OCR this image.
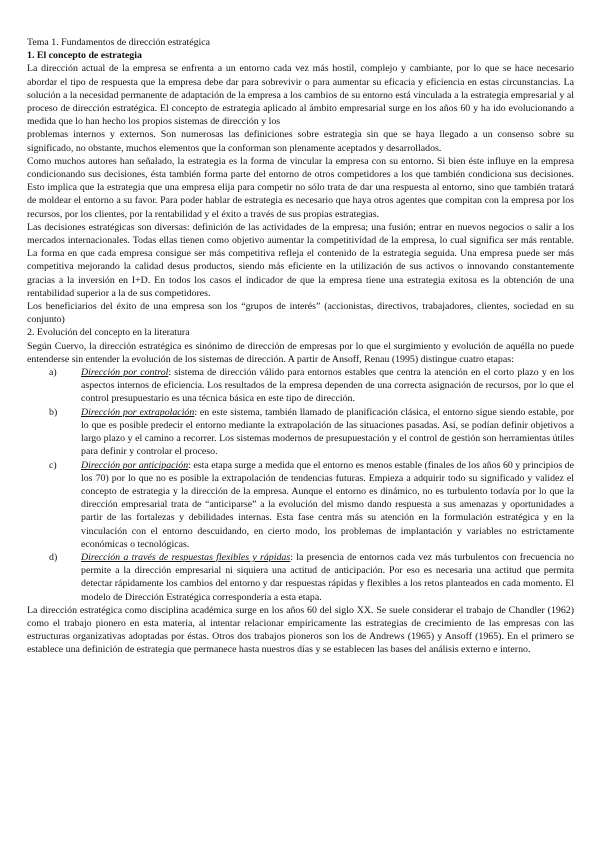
Tema 1. Fundamentos de dirección estratégica

1. El concepto de estrategia

La dirección actual de la empresa se enfrenta a un entorno cada vez más hostil, complejo y cambiante, por lo que se hace necesario abordar el tipo de respuesta que la empresa debe dar para sobrevivir o para aumentar su eficacia y eficiencia en estas circunstancias. La solución a la necesidad permanente de adaptación de la empresa a los cambios de su entorno está vinculada a la estrategia empresarial y al proceso de dirección estratégica. El concepto de estrategia aplicado al ámbito empresarial surge en los años 60 y ha ido evolucionando a medida que lo han hecho los propios sistemas de dirección y los

problemas internos y externos. Son numerosas las definiciones sobre estrategia sin que se haya llegado a un consenso sobre su significado, no obstante, muchos elementos que la conforman son plenamente aceptados y desarrollados.

Como muchos autores han señalado, la estrategia es la forma de vincular la empresa con su entorno. Si bien éste influye en la empresa condicionando sus decisiones, ésta también forma parte del entorno de otros competidores a los que también condiciona sus decisiones. Esto implica que la estrategia que una empresa elija para competir no sólo trata de dar una respuesta al entorno, sino que también tratará de moldear el entorno a su favor. Para poder hablar de estrategia es necesario que haya otros agentes que compitan con la empresa por los recursos, por los clientes, por la rentabilidad y el éxito a través de sus propias estrategias.

Las decisiones estratégicas son diversas: definición de las actividades de la empresa; una fusión; entrar en nuevos negocios o salir a los mercados internacionales. Todas ellas tienen como objetivo aumentar la competitividad de la empresa, lo cual significa ser más rentable. La forma en que cada empresa consigue ser más competitiva refleja el contenido de la estrategia seguida. Una empresa puede ser más competitiva mejorando la calidad desus productos, siendo más eficiente en la utilización de sus activos o innovando constantemente gracias a la inversión en I+D. En todos los casos el indicador de que la empresa tiene una estrategia exitosa es la obtención de una rentabilidad superior a la de sus competidores.

Los beneficiarios del éxito de una empresa son los “grupos de interés” (accionistas, directivos, trabajadores, clientes, sociedad en su conjunto)

2. Evolución del concepto en la literatura

Según Cuervo, la dirección estratégica es sinónimo de dirección de empresas por lo que el surgimiento y evolución de aquélla no puede entenderse sin entender la evolución de los sistemas de dirección. A partir de Ansoff, Renau (1995) distingue cuatro etapas:

a) Dirección por control: sistema de dirección válido para entornos estables que centra la atención en el corto plazo y en los aspectos internos de eficiencia. Los resultados de la empresa dependen de una correcta asignación de recursos, por lo que el control presupuestario es una técnica básica en este tipo de dirección.
b) Dirección por extrapolación: en este sistema, también llamado de planificación clásica, el entorno sigue siendo estable, por lo que es posible predecir el entorno mediante la extrapolación de las situaciones pasadas. Así, se podían definir objetivos a largo plazo y el camino a recorrer. Los sistemas modernos de presupuestación y el control de gestión son herramientas útiles para definir y controlar el proceso.
c) Dirección por anticipación: esta etapa surge a medida que el entorno es menos estable (finales de los años 60 y principios de los 70) por lo que no es posible la extrapolación de tendencias futuras. Empieza a adquirir todo su significado y validez el concepto de estrategia y la dirección de la empresa. Aunque el entorno es dinámico, no es turbulento todavía por lo que la dirección empresarial trata de “anticiparse” a la evolución del mismo dando respuesta a sus amenazas y oportunidades a partir de las fortalezas y debilidades internas. Esta fase centra más su atención en la formulación estratégica y en la vinculación con el entorno descuidando, en cierto modo, los problemas de implantación y variables no estrictamente económicas o tecnológicas.
d) Dirección a través de respuestas flexibles y rápidas: la presencia de entornos cada vez más turbulentos con frecuencia no permite a la dirección empresarial ni siquiera una actitud de anticipación. Por eso es necesaria una actitud que permita detectar rápidamente los cambios del entorno y dar respuestas rápidas y flexibles a los retos planteados en cada momento. El modelo de Dirección Estratégica correspondería a esta etapa.

La dirección estratégica como disciplina académica surge en los años 60 del siglo XX. Se suele considerar el trabajo de Chandler (1962) como el trabajo pionero en esta materia, al intentar relacionar empíricamente las estrategias de crecimiento de las empresas con las estructuras organizativas adoptadas por éstas. Otros dos trabajos pioneros son los de Andrews (1965) y Ansoff (1965). En el primero se establece una definición de estrategia que permanece hasta nuestros días y se establecen las bases del análisis externo e interno.
